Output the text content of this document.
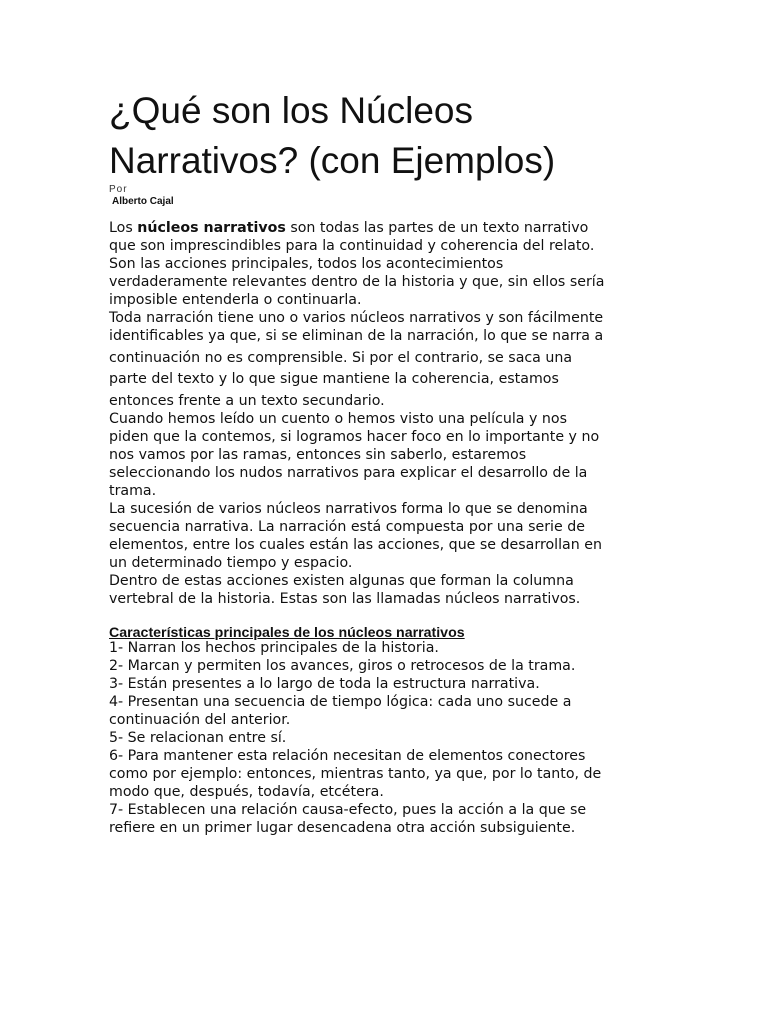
¿Qué son los Núcleos Narrativos? (con Ejemplos)
Por
Alberto Cajal
Los núcleos narrativos son todas las partes de un texto narrativo
que son imprescindibles para la continuidad y coherencia del relato.
Son las acciones principales, todos los acontecimientos
verdaderamente relevantes dentro de la historia y que, sin ellos sería
imposible entenderla o continuarla.
Toda narración tiene uno o varios núcleos narrativos y son fácilmente
identificables ya que, si se eliminan de la narración, lo que se narra a
continuación no es comprensible. Si por el contrario, se saca una
parte del texto y lo que sigue mantiene la coherencia, estamos
entonces frente a un texto secundario.
Cuando hemos leído un cuento o hemos visto una película y nos
piden que la contemos, si logramos hacer foco en lo importante y no
nos vamos por las ramas, entonces sin saberlo, estaremos
seleccionando los nudos narrativos para explicar el desarrollo de la
trama.
La sucesión de varios núcleos narrativos forma lo que se denomina
secuencia narrativa. La narración está compuesta por una serie de
elementos, entre los cuales están las acciones, que se desarrollan en
un determinado tiempo y espacio.
Dentro de estas acciones existen algunas que forman la columna
vertebral de la historia. Estas son las llamadas núcleos narrativos.
Características principales de los núcleos narrativos
1- Narran los hechos principales de la historia.
2- Marcan y permiten los avances, giros o retrocesos de la trama.
3- Están presentes a lo largo de toda la estructura narrativa.
4- Presentan una secuencia de tiempo lógica: cada uno sucede a
continuación del anterior.
5- Se relacionan entre sí.
6- Para mantener esta relación necesitan de elementos conectores
como por ejemplo: entonces, mientras tanto, ya que, por lo tanto, de
modo que, después, todavía, etcétera.
7- Establecen una relación causa-efecto, pues la acción a la que se
refiere en un primer lugar desencadena otra acción subsiguiente.
